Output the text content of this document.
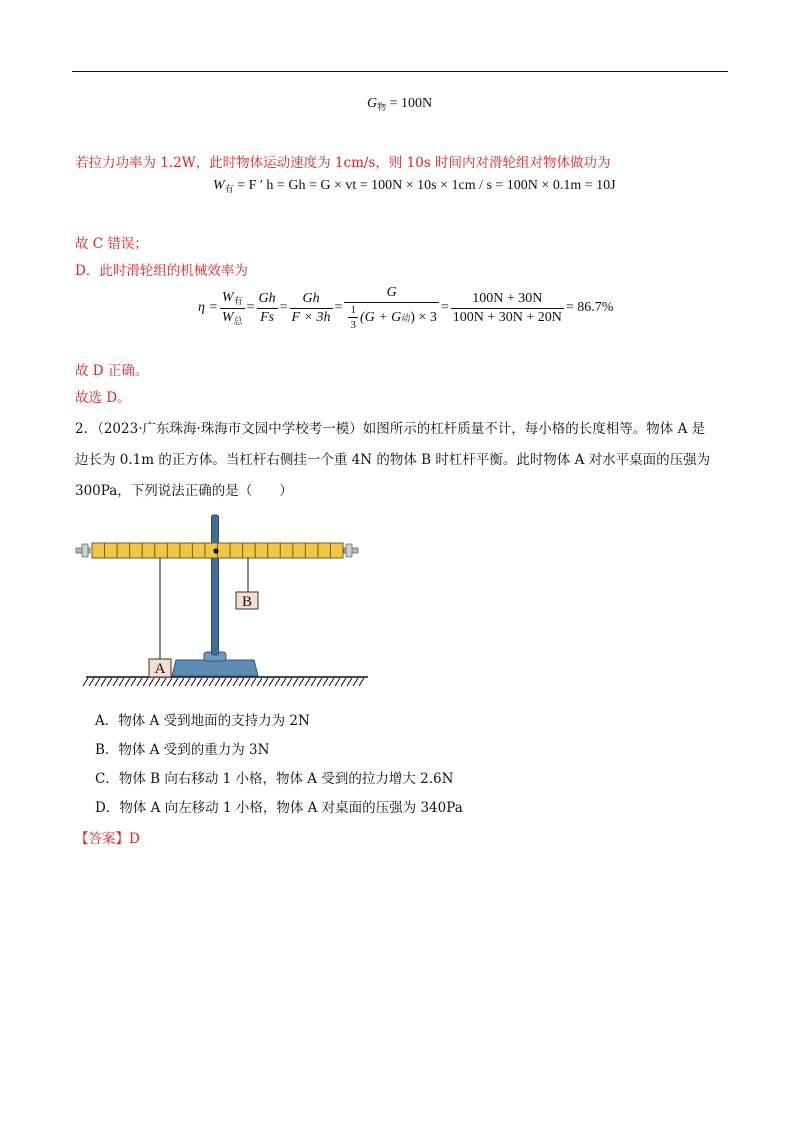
$G_物 = 100N$
若拉力功率为 1.2W，此时物体运动速度为 1cm/s，则 10s 时间内对滑轮组对物体做功为
$W_有 = F$ ′ h = Gh = G × vt = 100N × 10s × 1cm / s = 100N × 0.1m = 10J
故 C 错误；
D．此时滑轮组的机械效率为
$\eta = \frac{W_有}{W_总} = \frac{Gh}{Fs} = \frac{Gh}{F \times 3h} = \frac{G}{\frac{1}{3} (G + G 动 ) \times 3} = \frac{100N + 30N}{100N + 30N + 20N} = 86.7\%$
故 D 正确。
故选 D。
2．（2023·广东珠海·珠海市文园中学校考一模）如图所示的杠杆质量不计，每小格的长度相等。物体 A 是
边长为 0.1m 的正方体。当杠杆右侧挂一个重 4N 的物体 B 时杠杆平衡。此时物体 A 对水平桌面的压强为
300Pa，下列说法正确的是（　　）
B
A
A．物体 A 受到地面的支持力为 2N
B．物体 A 受到的重力为 3N
C．物体 B 向右移动 1 小格，物体 A 受到的拉力增大 2.6N
D．物体 A 向左移动 1 小格，物体 A 对桌面的压强为 340Pa
【答案】D
